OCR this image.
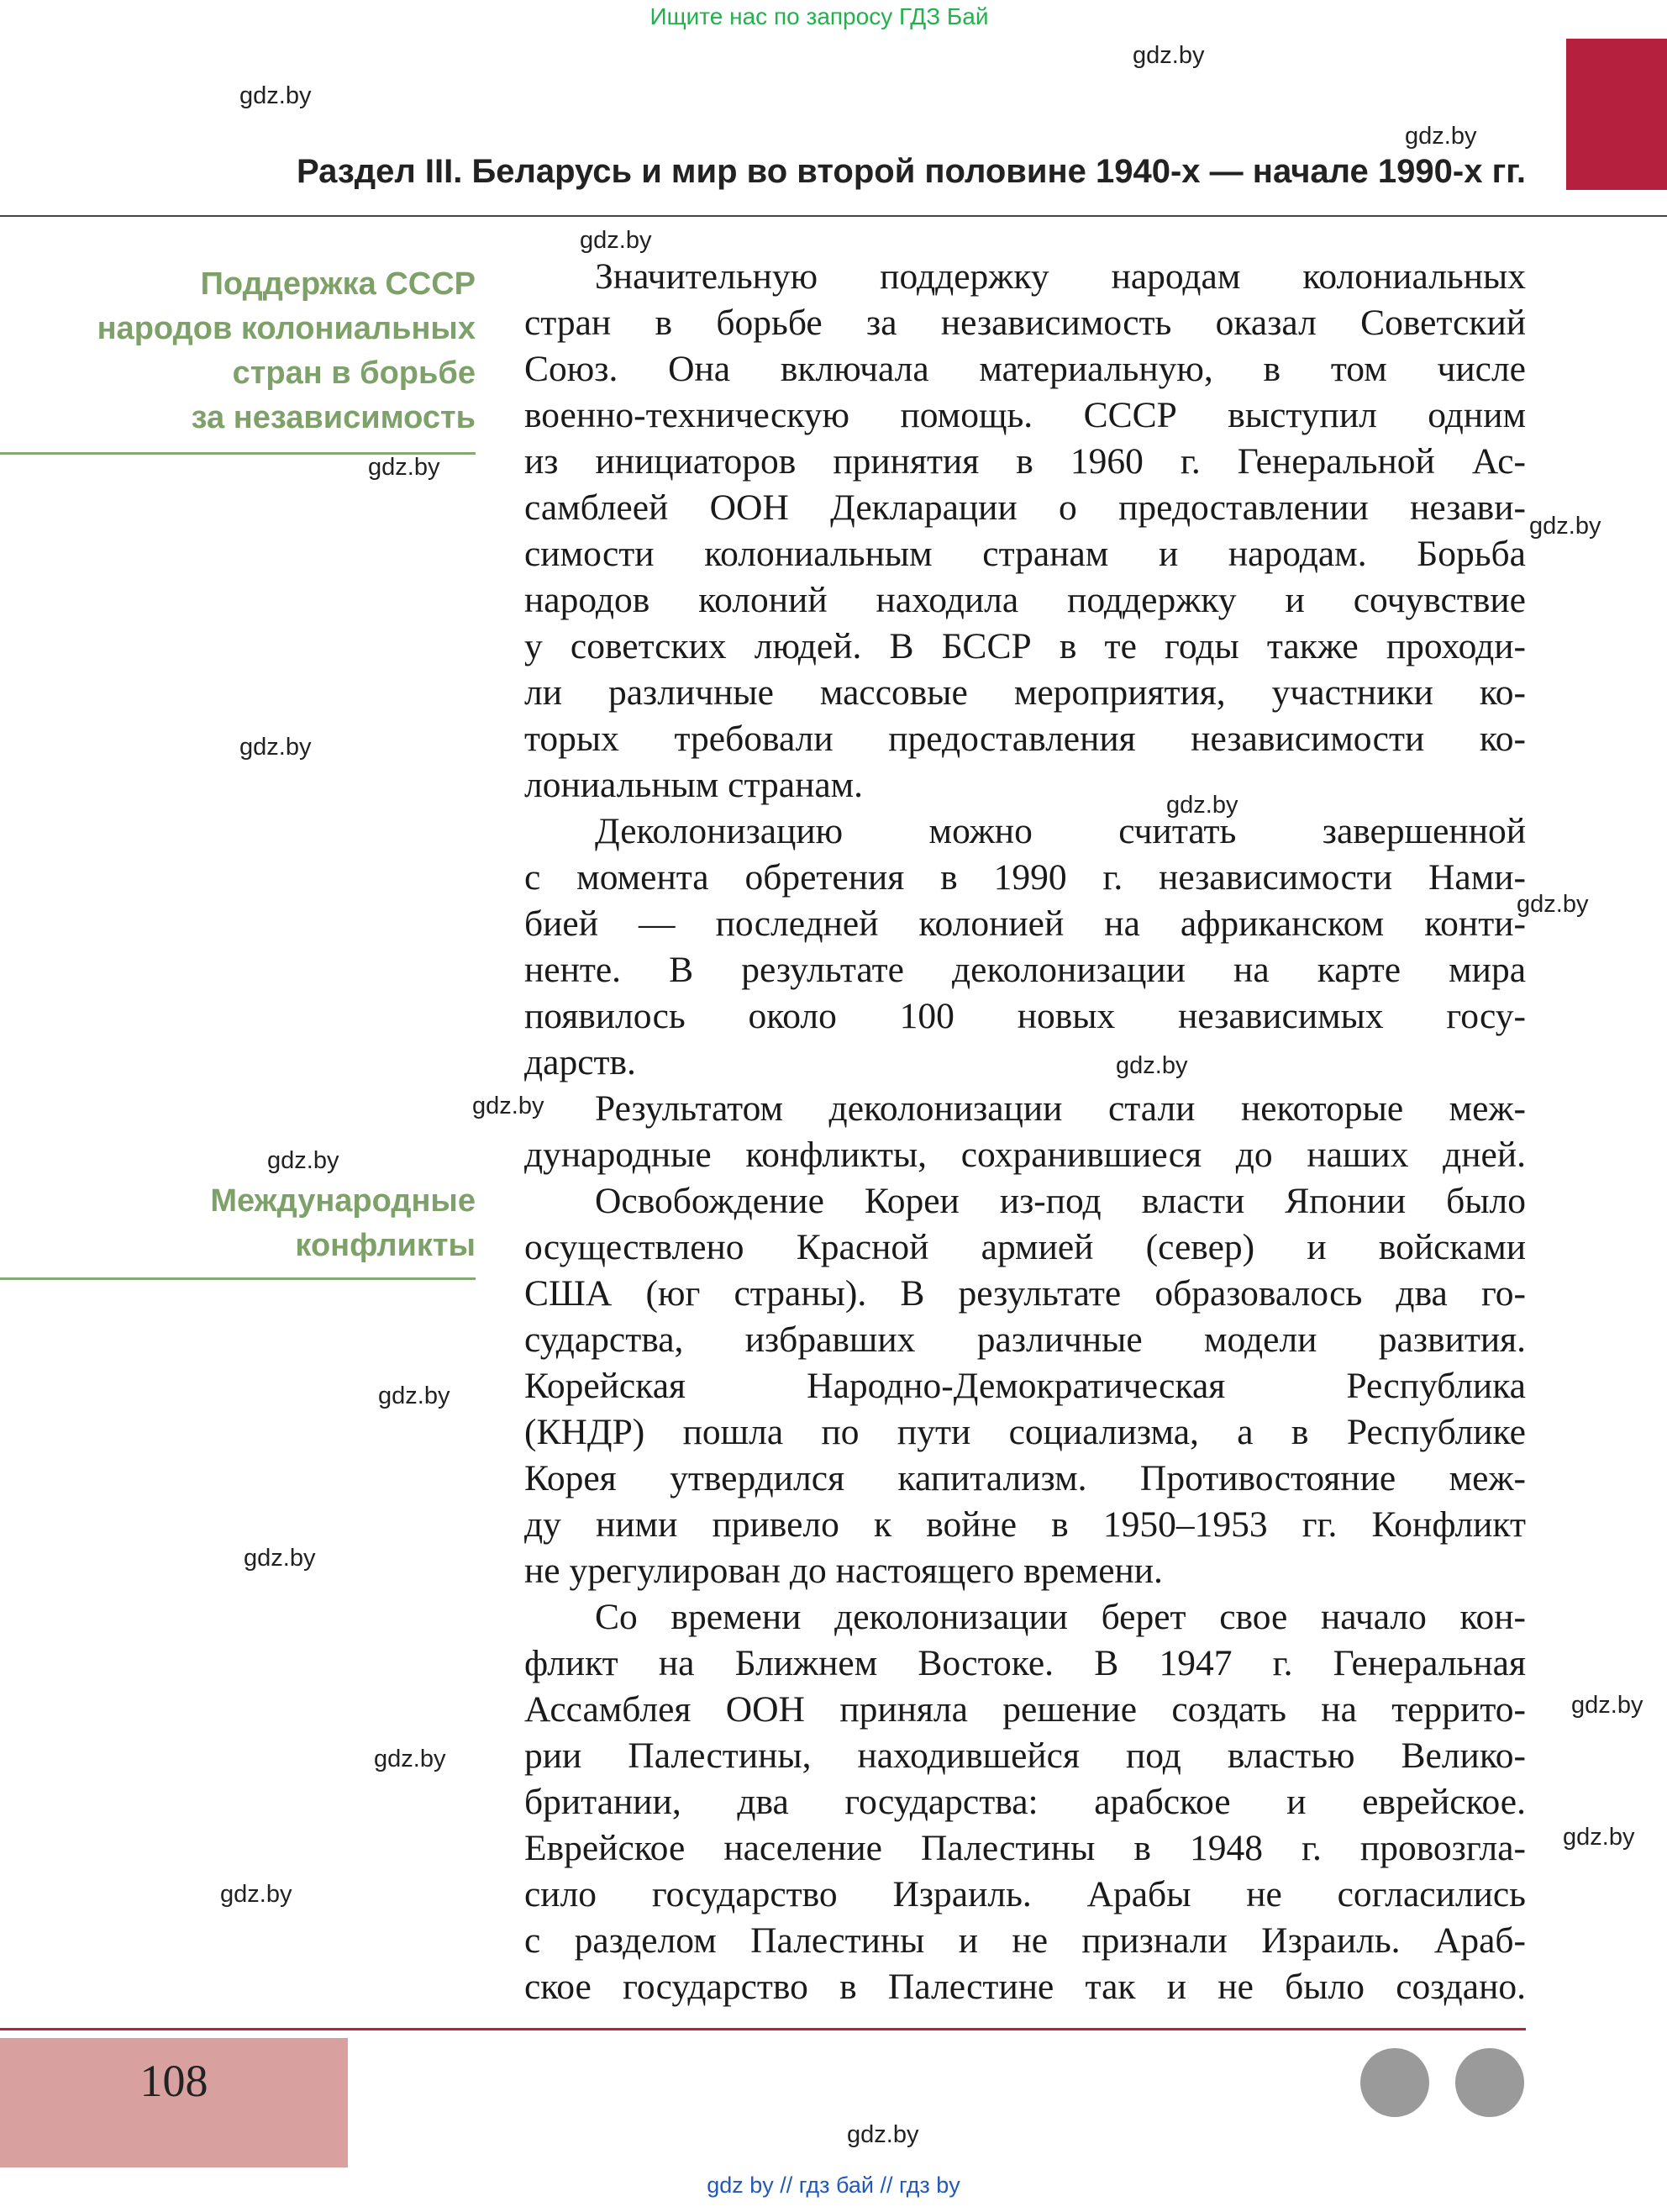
Ищите нас по запросу ГДЗ Бай
Раздел III. Беларусь и мир во второй половине 1940-х — начале 1990-х гг.
Поддержка СССР
народов колониальных
стран в борьбе
за независимость
Международные
конфликты
Значительную поддержку народам колониальных
стран в борьбе за независимость оказал Советский
Союз. Она включала материальную, в том числе
военно-техническую помощь. СССР выступил одним
из инициаторов принятия в 1960 г. Генеральной Ас-
самблеей ООН Декларации о предоставлении незави-
симости колониальным странам и народам. Борьба
народов колоний находила поддержку и сочувствие
у советских людей. В БССР в те годы также проходи-
ли различные массовые мероприятия, участники ко-
торых требовали предоставления независимости ко-
лониальным странам.
Деколонизацию можно считать завершенной
с момента обретения в 1990 г. независимости Нами-
бией — последней колонией на африканском конти-
ненте. В результате деколонизации на карте мира
появилось около 100 новых независимых госу-
дарств.
Результатом деколонизации стали некоторые меж-
дународные конфликты, сохранившиеся до наших дней.
Освобождение Кореи из-под власти Японии было
осуществлено Красной армией (север) и войсками
США (юг страны). В результате образовалось два го-
сударства, избравших различные модели развития.
Корейская Народно-Демократическая Республика
(КНДР) пошла по пути социализма, а в Республике
Корея утвердился капитализм. Противостояние меж-
ду ними привело к войне в 1950–1953 гг. Конфликт
не урегулирован до настоящего времени.
Со времени деколонизации берет свое начало кон-
фликт на Ближнем Востоке. В 1947 г. Генеральная
Ассамблея ООН приняла решение создать на террито-
рии Палестины, находившейся под властью Велико-
британии, два государства: арабское и еврейское.
Еврейское население Палестины в 1948 г. провозгла-
сило государство Израиль. Арабы не согласились
с разделом Палестины и не признали Израиль. Араб-
ское государство в Палестине так и не было создано.
gdz.by
gdz.by
gdz.by
gdz.by
gdz.by
gdz.by
gdz.by
gdz.by
gdz.by
gdz.by
gdz.by
gdz.by
gdz.by
gdz.by
gdz.by
gdz.by
gdz.by
gdz.by
gdz.by
108
gdz by // гдз бай // гдз by
